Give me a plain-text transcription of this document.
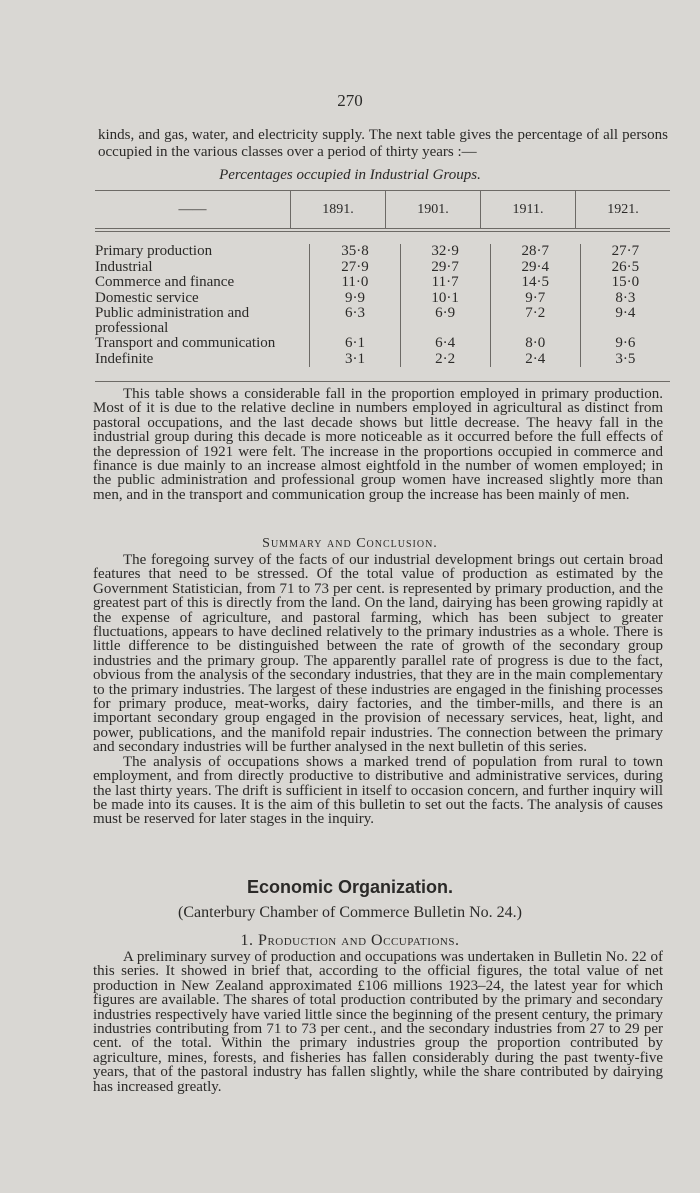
270
kinds, and gas, water, and electricity supply. The next table gives the percentage of all persons occupied in the various classes over a period of thirty years :—
Percentages occupied in Industrial Groups.
——	1891.	1901.	1911.	1921.
Primary production	35·8	32·9	28·7	27·7
Industrial	27·9	29·7	29·4	26·5
Commerce and finance	11·0	11·7	14·5	15·0
Domestic service	9·9	10·1	9·7	8·3
Public administration and professional	6·3	6·9	7·2	9·4
Transport and communication	6·1	6·4	8·0	9·6
Indefinite	3·1	2·2	2·4	3·5

This table shows a considerable fall in the proportion employed in primary production. Most of it is due to the relative decline in numbers employed in agricultural as distinct from pastoral occupations, and the last decade shows but little decrease. The heavy fall in the industrial group during this decade is more noticeable as it occurred before the full effects of the depression of 1921 were felt. The increase in the proportions occupied in commerce and finance is due mainly to an increase almost eightfold in the number of women employed; in the public administration and professional group women have increased slightly more than men, and in the transport and communication group the increase has been mainly of men.

Summary and Conclusion.

The foregoing survey of the facts of our industrial development brings out certain broad features that need to be stressed. Of the total value of production as estimated by the Government Statistician, from 71 to 73 per cent. is represented by primary production, and the greatest part of this is directly from the land. On the land, dairying has been growing rapidly at the expense of agriculture, and pastoral farming, which has been subject to greater fluctuations, appears to have declined relatively to the primary industries as a whole. There is little difference to be distinguished between the rate of growth of the secondary group industries and the primary group. The apparently parallel rate of progress is due to the fact, obvious from the analysis of the secondary industries, that they are in the main complementary to the primary industries. The largest of these industries are engaged in the finishing processes for primary produce, meat-works, dairy factories, and the timber-mills, and there is an important secondary group engaged in the provision of necessary services, heat, light, and power, publications, and the manifold repair industries. The connection between the primary and secondary industries will be further analysed in the next bulletin of this series.

The analysis of occupations shows a marked trend of population from rural to town employment, and from directly productive to distributive and administrative services, during the last thirty years. The drift is sufficient in itself to occasion concern, and further inquiry will be made into its causes. It is the aim of this bulletin to set out the facts. The analysis of causes must be reserved for later stages in the inquiry.

Economic Organization.
(Canterbury Chamber of Commerce Bulletin No. 24.)
1. Production and Occupations.

A preliminary survey of production and occupations was undertaken in Bulletin No. 22 of this series. It showed in brief that, according to the official figures, the total value of net production in New Zealand approximated £106 millions 1923–24, the latest year for which figures are available. The shares of total production contributed by the primary and secondary industries respectively have varied little since the beginning of the present century, the primary industries contributing from 71 to 73 per cent., and the secondary industries from 27 to 29 per cent. of the total. Within the primary industries group the proportion contributed by agriculture, mines, forests, and fisheries has fallen considerably during the past twenty-five years, that of the pastoral industry has fallen slightly, while the share contributed by dairying has increased greatly.
